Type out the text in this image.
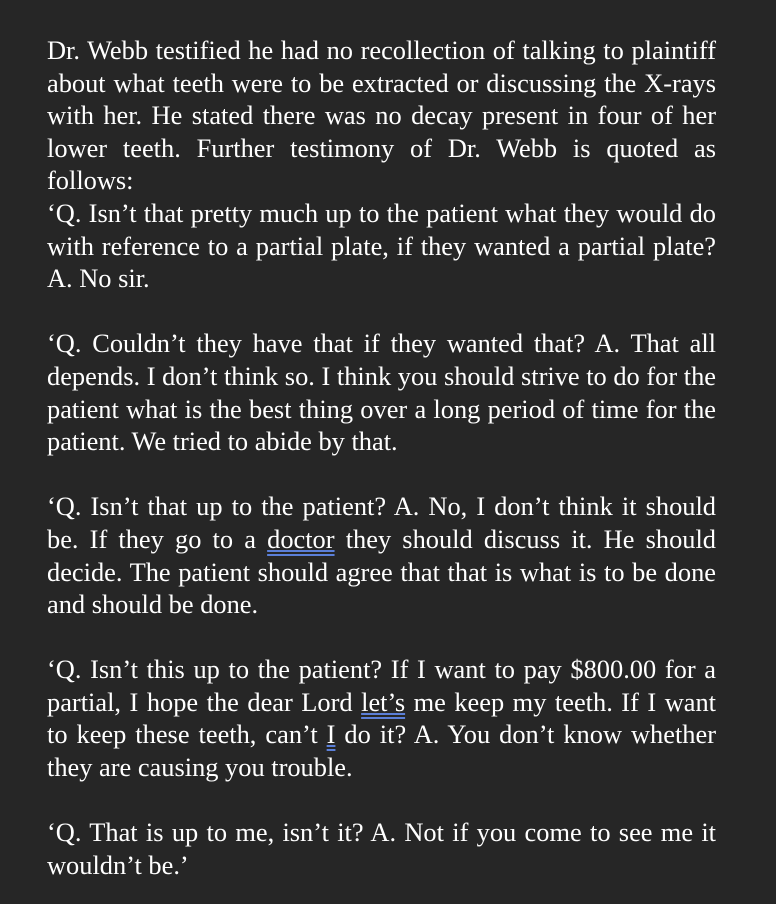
Dr. Webb testified he had no recollection of talking to plaintiff about what teeth were to be extracted or discussing the X-rays with her. He stated there was no decay present in four of her lower teeth. Further testimony of Dr. Webb is quoted as follows:

‘Q. Isn’t that pretty much up to the patient what they would do with reference to a partial plate, if they wanted a partial plate? A. No sir.

‘Q. Couldn’t they have that if they wanted that? A. That all depends. I don’t think so. I think you should strive to do for the patient what is the best thing over a long period of time for the patient. We tried to abide by that.

‘Q. Isn’t that up to the patient? A. No, I don’t think it should be. If they go to a doctor they should discuss it. He should decide. The patient should agree that that is what is to be done and should be done.

‘Q. Isn’t this up to the patient? If I want to pay $800.00 for a partial, I hope the dear Lord let’s me keep my teeth. If I want to keep these teeth, can’t I do it? A. You don’t know whether they are causing you trouble.

‘Q. That is up to me, isn’t it? A. Not if you come to see me it wouldn’t be.’
